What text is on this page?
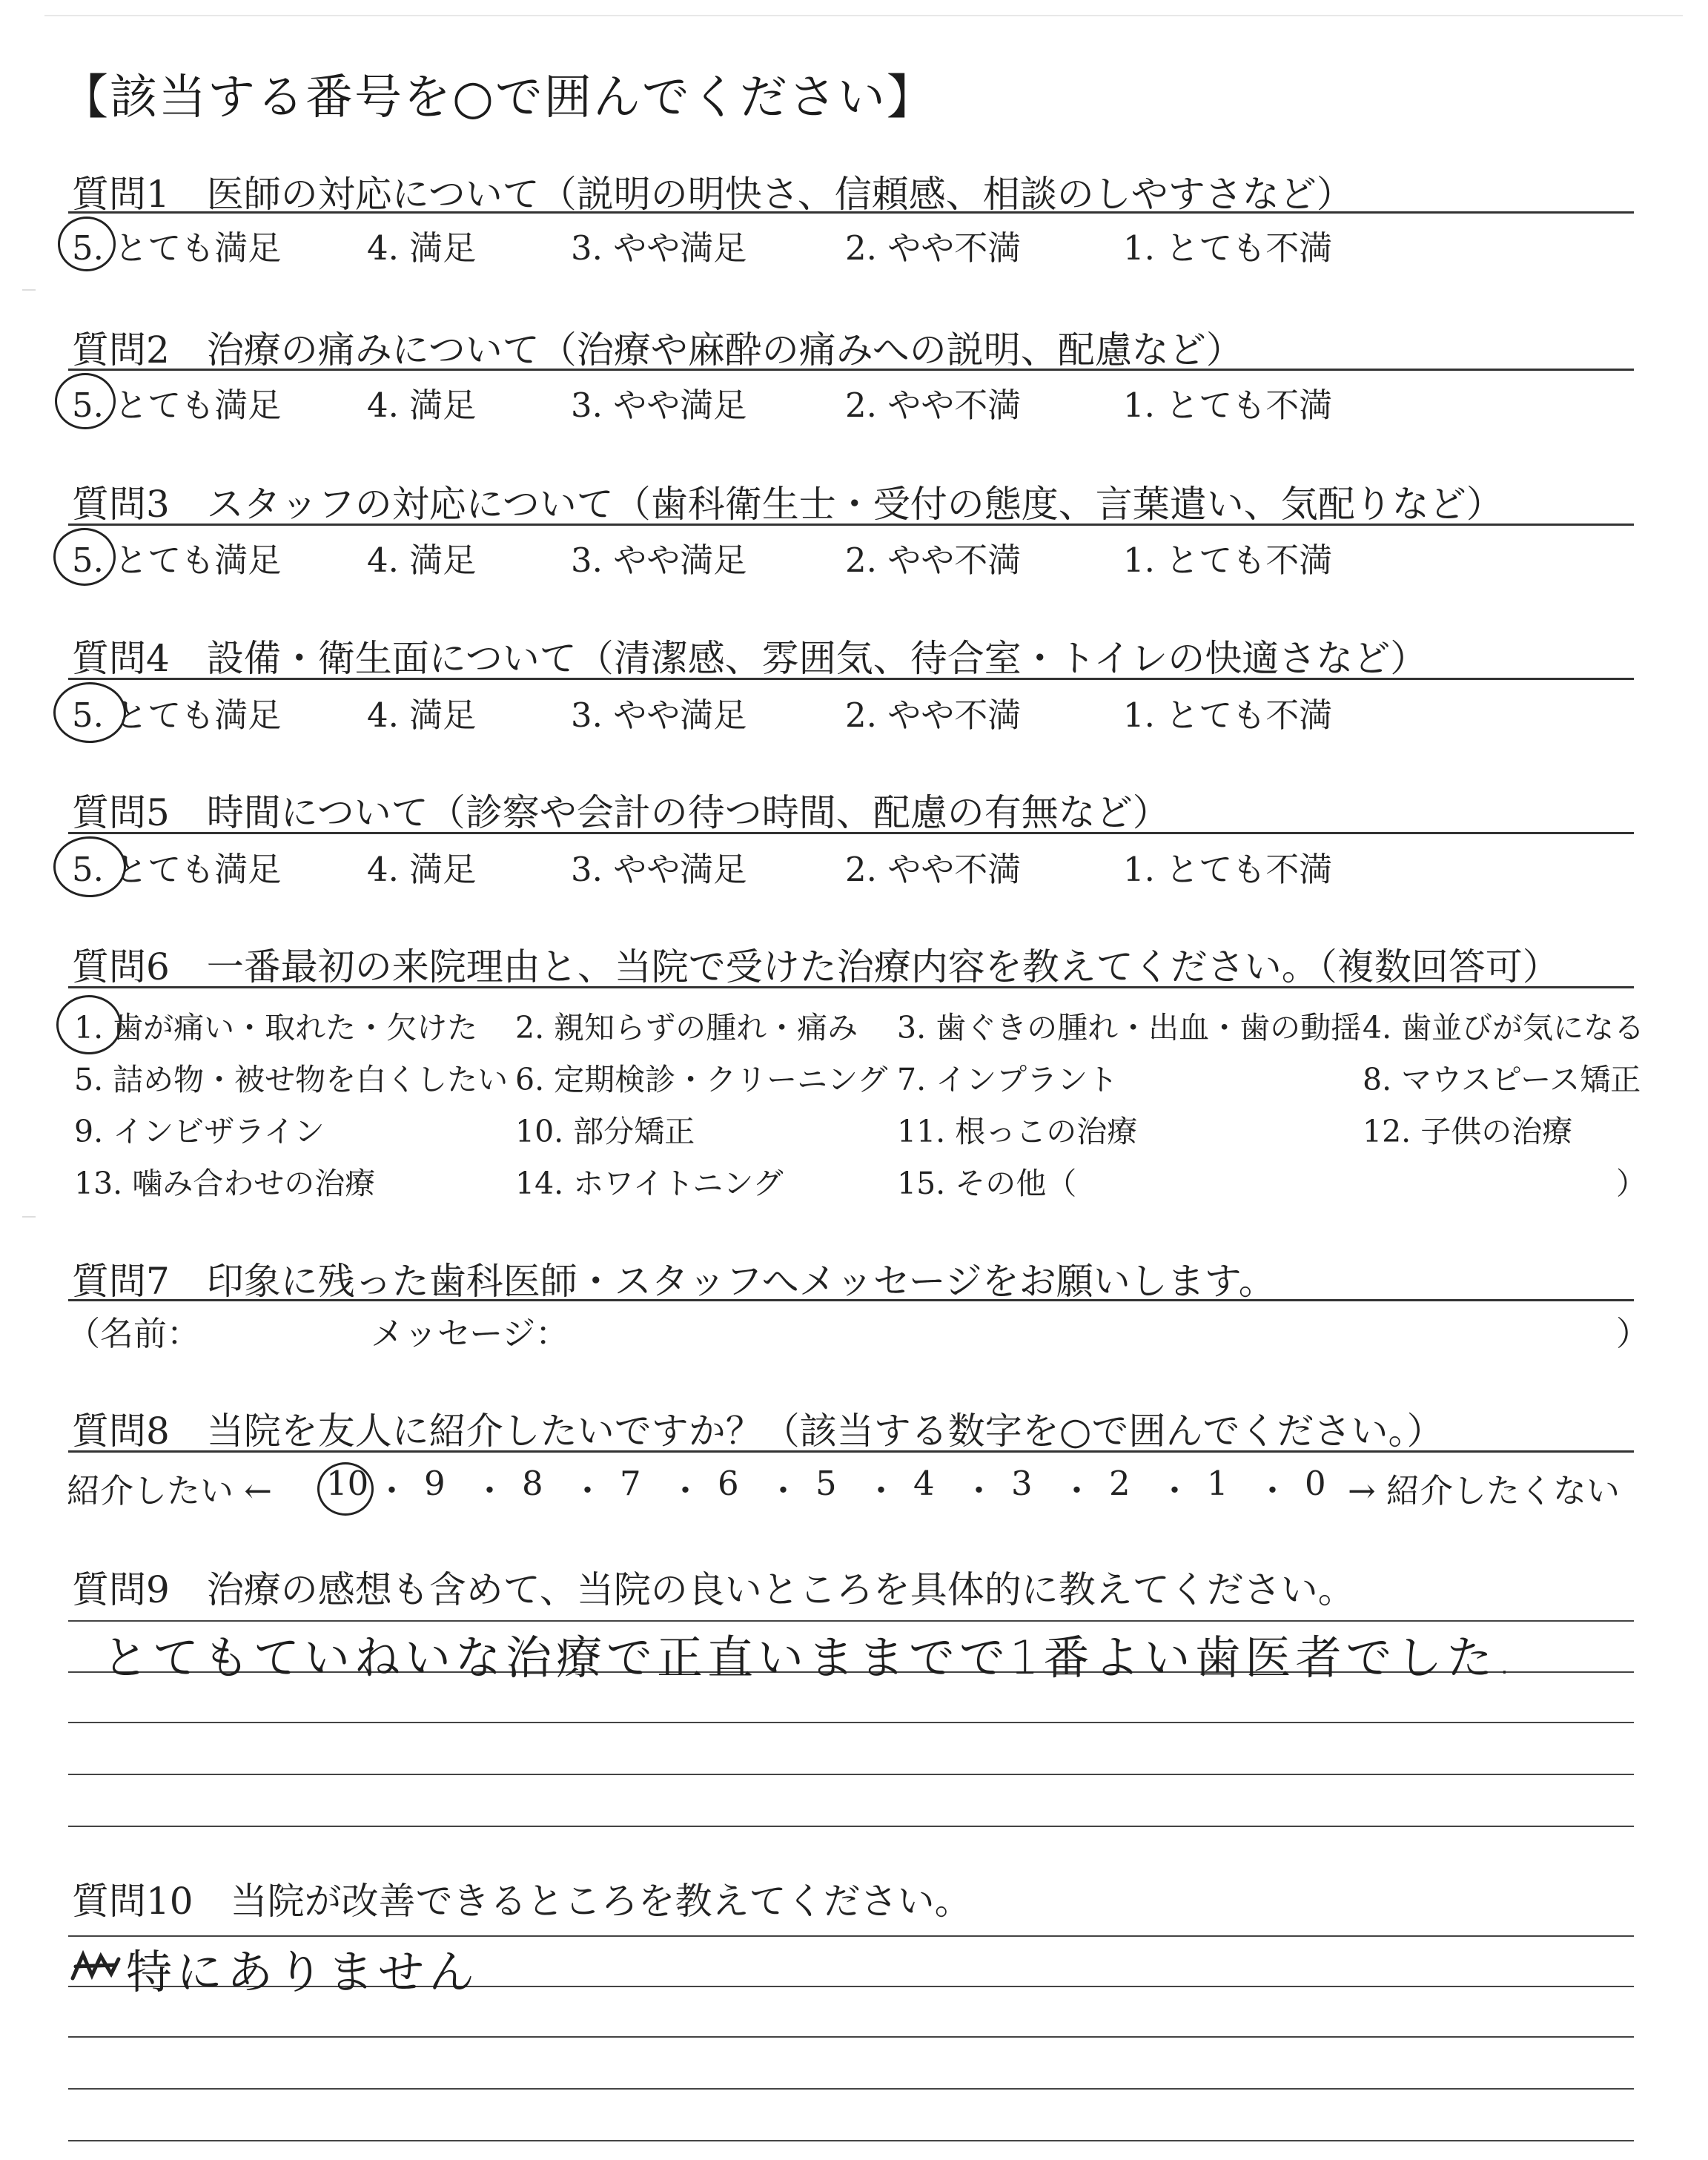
【該当する番号を○で囲んでください】
質問1　医師の対応について（説明の明快さ、信頼感、相談のしやすさなど）
5. とても満足	4. 満足	3. やや満足	2. やや不満	1. とても不満
質問2　治療の痛みについて（治療や麻酔の痛みへの説明、配慮など）
5. とても満足	4. 満足	3. やや満足	2. やや不満	1. とても不満
質問3　スタッフの対応について（歯科衛生士・受付の態度、言葉遣い、気配りなど）
5. とても満足	4. 満足	3. やや満足	2. やや不満	1. とても不満
質問4　設備・衛生面について（清潔感、雰囲気、待合室・トイレの快適さなど）
5. とても満足	4. 満足	3. やや満足	2. やや不満	1. とても不満
質問5　時間について（診察や会計の待つ時間、配慮の有無など）
5. とても満足	4. 満足	3. やや満足	2. やや不満	1. とても不満
質問6　一番最初の来院理由と、当院で受けた治療内容を教えてください。（複数回答可）
1. 歯が痛い・取れた・欠けた 2. 親知らずの腫れ・痛み 3. 歯ぐきの腫れ・出血・歯の動揺 4. 歯並びが気になる
5. 詰め物・被せ物を白くしたい 6. 定期検診・クリーニング 7. インプラント	8. マウスピース矯正
9. インビザライン	10. 部分矯正	11. 根っこの治療	12. 子供の治療
13. 噛み合わせの治療	14. ホワイトニング	15. その他（	）
質問7　印象に残った歯科医師・スタッフへメッセージをお願いします。
（名前：	メッセージ：	）
質問8　当院を友人に紹介したいですか？（該当する数字を○で囲んでください。）
紹介したい ← 10 ・ 9 ・ 8 ・ 7 ・ 6 ・ 5 ・ 4 ・ 3 ・ 2 ・ 1 ・ 0 → 紹介したくない
質問9　治療の感想も含めて、当院の良いところを具体的に教えてください。
とてもていねいな治療で正直いままでで1番よい歯医者でした.
質問10　当院が改善できるところを教えてください。
特にありません
